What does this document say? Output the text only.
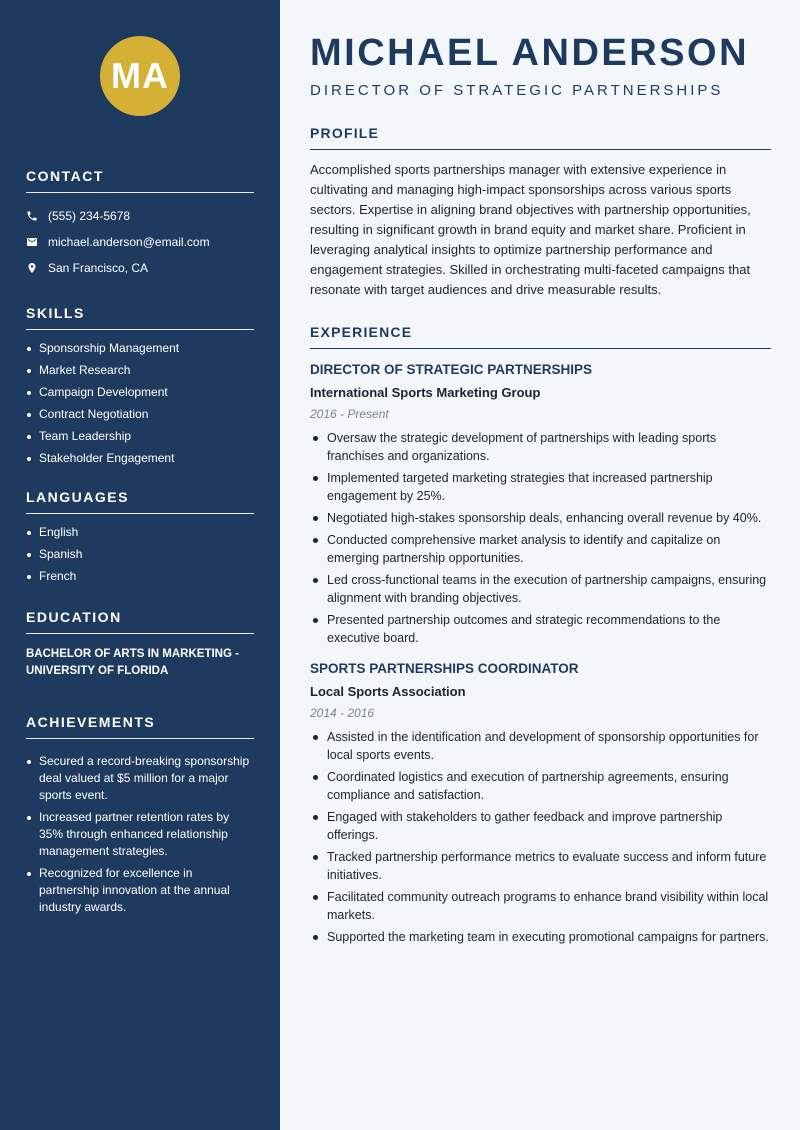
MA
CONTACT
(555) 234-5678
michael.anderson@email.com
San Francisco, CA
SKILLS
Sponsorship Management
Market Research
Campaign Development
Contract Negotiation
Team Leadership
Stakeholder Engagement
LANGUAGES
English
Spanish
French
EDUCATION
BACHELOR OF ARTS IN MARKETING - UNIVERSITY OF FLORIDA
ACHIEVEMENTS
Secured a record-breaking sponsorship deal valued at $5 million for a major sports event.
Increased partner retention rates by 35% through enhanced relationship management strategies.
Recognized for excellence in partnership innovation at the annual industry awards.
MICHAEL ANDERSON
DIRECTOR OF STRATEGIC PARTNERSHIPS
PROFILE

Accomplished sports partnerships manager with extensive experience in cultivating and managing high-impact sponsorships across various sports sectors. Expertise in aligning brand objectives with partnership opportunities, resulting in significant growth in brand equity and market share. Proficient in leveraging analytical insights to optimize partnership performance and engagement strategies. Skilled in orchestrating multi-faceted campaigns that resonate with target audiences and drive measurable results.

EXPERIENCE
DIRECTOR OF STRATEGIC PARTNERSHIPS
International Sports Marketing Group
2016 - Present
Oversaw the strategic development of partnerships with leading sports franchises and organizations.
Implemented targeted marketing strategies that increased partnership engagement by 25%.
Negotiated high-stakes sponsorship deals, enhancing overall revenue by 40%.
Conducted comprehensive market analysis to identify and capitalize on emerging partnership opportunities.
Led cross-functional teams in the execution of partnership campaigns, ensuring alignment with branding objectives.
Presented partnership outcomes and strategic recommendations to the executive board.
SPORTS PARTNERSHIPS COORDINATOR
Local Sports Association
2014 - 2016
Assisted in the identification and development of sponsorship opportunities for local sports events.
Coordinated logistics and execution of partnership agreements, ensuring compliance and satisfaction.
Engaged with stakeholders to gather feedback and improve partnership offerings.
Tracked partnership performance metrics to evaluate success and inform future initiatives.
Facilitated community outreach programs to enhance brand visibility within local markets.
Supported the marketing team in executing promotional campaigns for partners.
